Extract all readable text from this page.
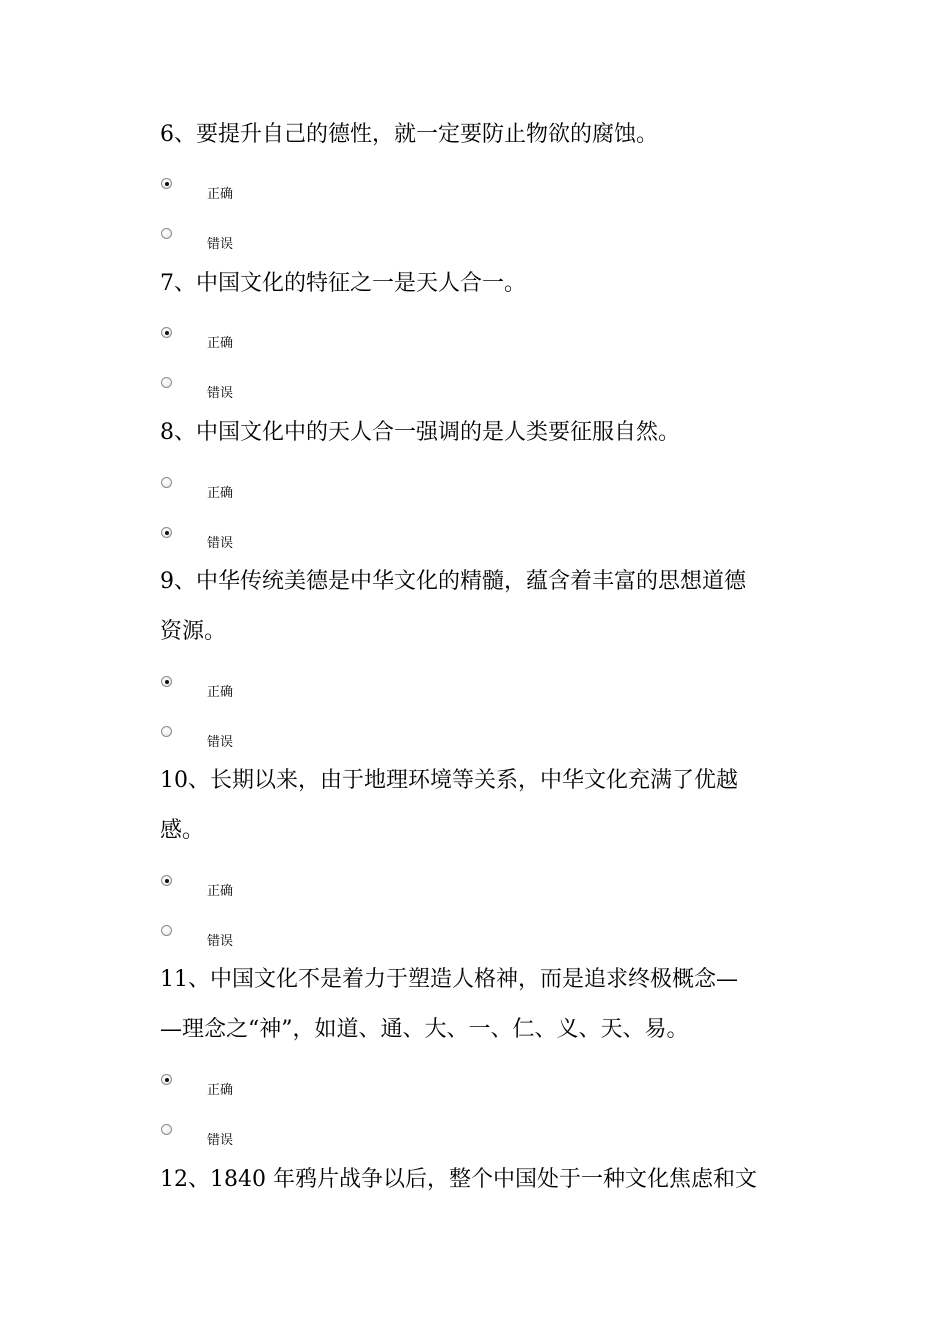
6、要提升自己的德性，就一定要防止物欲的腐蚀。

正确
错误

7、中国文化的特征之一是天人合一。

正确
错误

8、中国文化中的天人合一强调的是人类要征服自然。

正确
错误

9、中华传统美德是中华文化的精髓，蕴含着丰富的思想道德
资源。

正确
错误

10、长期以来，由于地理环境等关系，中华文化充满了优越
感。

正确
错误

11、中国文化不是着力于塑造人格神，而是追求终极概念—
—理念之“神”，如道、通、大、一、仁、义、天、易。

正确
错误

12、1840 年鸦片战争以后，整个中国处于一种文化焦虑和文
